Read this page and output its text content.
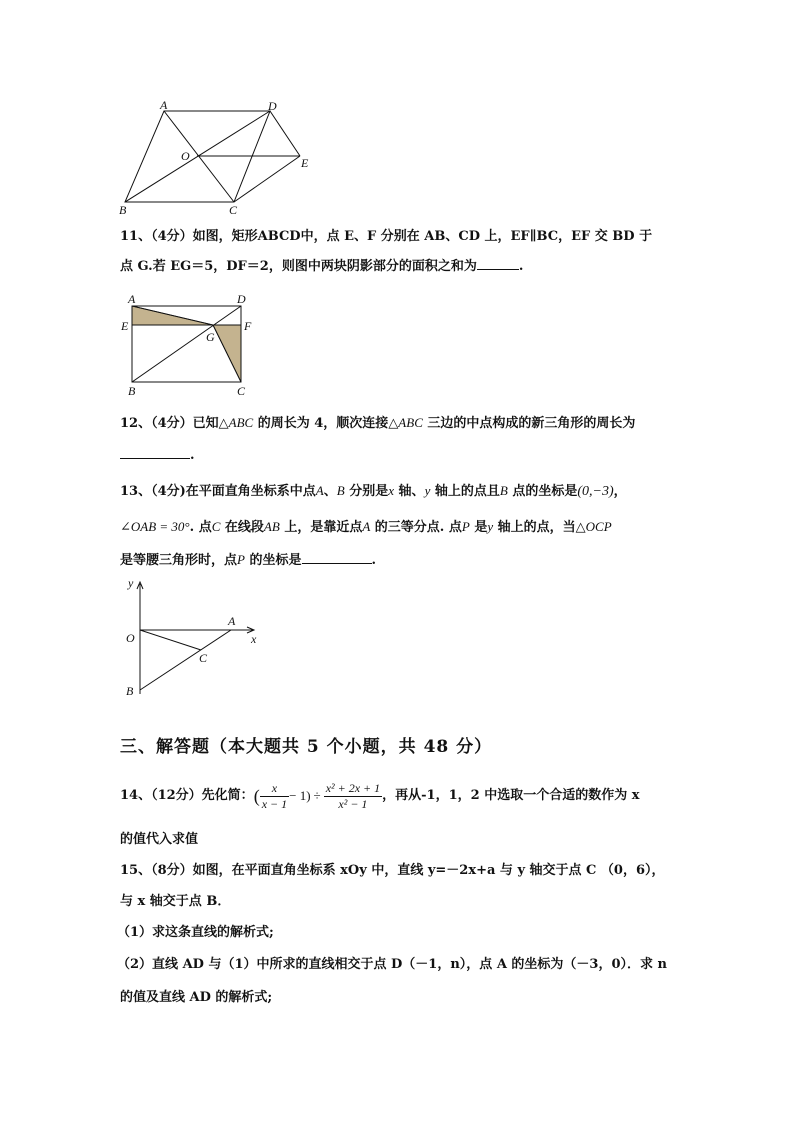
A	D
O	E
B	C
11、（4分）如图，矩形ABCD中，点 E、F 分别在 AB、CD 上，EF∥BC，EF 交 BD 于
点 G.若 EG＝5，DF＝2，则图中两块阴影部分的面积之和为	.
A	D
E	F
G
B	C
12、（4分）已知△ABC 的周长为 4，顺次连接△ABC 三边的中点构成的新三角形的周长为
.
13、（4分)在平面直角坐标系中点A、B 分别是x 轴、y 轴上的点且B 点的坐标是(0,−3)，
∠OAB = 30°. 点C 在线段AB 上，是靠近点A 的三等分点. 点P 是y 轴上的点，当△OCP
是等腰三角形时，点P 的坐标是	.
y
O
A
x
C
B
三、解答题（本大题共 5 个小题，共 48 分）
14、（12分）先化简：( $\frac{x}{x - 1} - 1) \div \frac{\text{x² + 2x + 1}}{\text{x² − 1}}$ ，再从-1，1，2 中选取一个合适的数作为 x
的值代入求值
15、（8分）如图，在平面直角坐标系 xOy 中，直线 y=－2x+a 与 y 轴交于点 C （0，6），
与 x 轴交于点 B．
（1）求这条直线的解析式;
（2）直线 AD 与（1）中所求的直线相交于点 D（－1，n），点 A 的坐标为（－3，0）．求 n
的值及直线 AD 的解析式;
